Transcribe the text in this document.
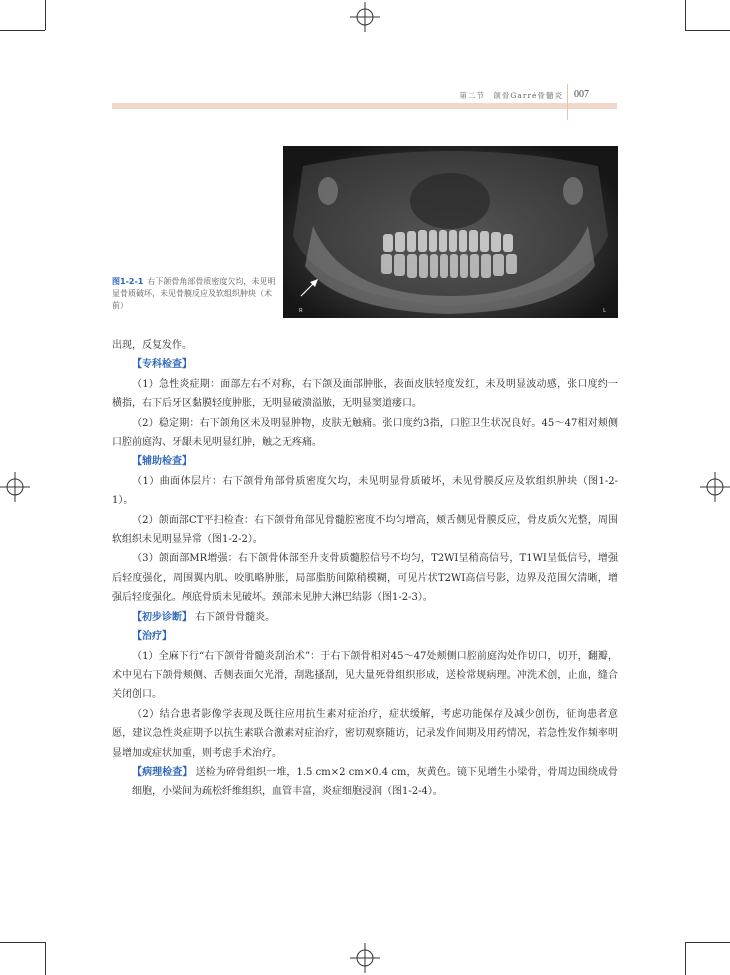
第二节　颌骨Garré骨髓炎 007
R	L
图1-2-1 右下颌骨角部骨质密度欠均，未见明显骨质破坏，未见骨膜反应及软组织肿块（术前）

出现，反复发作。

【专科检查】

（1）急性炎症期：面部左右不对称，右下颌及面部肿胀，表面皮肤轻度发红，未及明显波动感，张口度约一横指，右下后牙区黏膜轻度肿胀，无明显破溃溢脓，无明显窦道瘘口。

（2）稳定期：右下颌角区未及明显肿物，皮肤无触痛。张口度约3指，口腔卫生状况良好。45～47相对颊侧口腔前庭沟、牙龈未见明显红肿，触之无疼痛。

【辅助检查】

（1）曲面体层片：右下颌骨角部骨质密度欠均，未见明显骨质破坏，未见骨膜反应及软组织肿块（图1-2-1）。

（2）颌面部CT平扫检查：右下颌骨角部见骨髓腔密度不均匀增高，颊舌侧见骨膜反应，骨皮质欠光整，周围软组织未见明显异常（图1-2-2）。

（3）颌面部MR增强：右下颌骨体部至升支骨质髓腔信号不均匀，T2WI呈稍高信号，T1WI呈低信号，增强后轻度强化，周围翼内肌、咬肌略肿胀，局部脂肪间隙稍模糊，可见片状T2WI高信号影，边界及范围欠清晰，增强后轻度强化。颅底骨质未见破坏。颈部未见肿大淋巴结影（图1-2-3）。

【初步诊断】 右下颌骨骨髓炎。

【治疗】

（1）全麻下行“右下颌骨骨髓炎刮治术”：于右下颌骨相对45～47处颊侧口腔前庭沟处作切口，切开，翻瓣，术中见右下颌骨颊侧、舌侧表面欠光滑，刮匙搔刮，见大量死骨组织形成，送检常规病理。冲洗术创，止血，缝合关闭创口。

（2）结合患者影像学表现及既往应用抗生素对症治疗，症状缓解，考虑功能保存及减少创伤，征询患者意愿，建议急性炎症期予以抗生素联合激素对症治疗，密切观察随访，记录发作间期及用药情况，若急性发作频率明显增加或症状加重，则考虑手术治疗。

【病理检查】 送检为碎骨组织一堆，1.5 cm×2 cm×0.4 cm，灰黄色。镜下见增生小梁骨，骨周边围绕成骨细胞，小梁间为疏松纤维组织，血管丰富，炎症细胞浸润（图1-2-4）。
